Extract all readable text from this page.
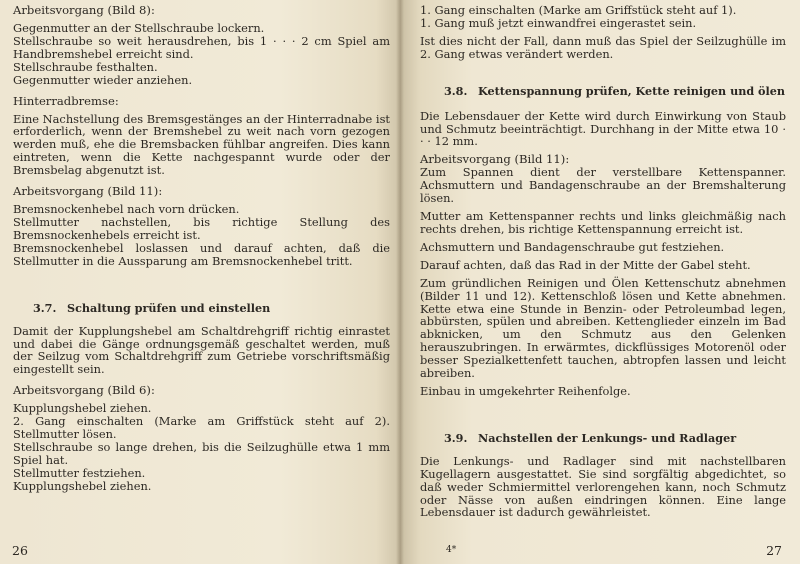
Arbeitsvorgang (Bild 8):

Gegenmutter an der Stellschraube lockern.

Stellschraube so weit herausdrehen, bis 1 · · · 2 cm Spiel am Handbremshebel erreicht sind.

Stellschraube festhalten.

Gegenmutter wieder anziehen.

Hinterradbremse:

Eine Nachstellung des Bremsgestänges an der Hinterradnabe ist erforderlich, wenn der Bremshebel zu weit nach vorn gezogen werden muß, ehe die Bremsbacken fühlbar angreifen. Dies kann eintreten, wenn die Kette nachgespannt wurde oder der Bremsbelag abgenutzt ist.

Arbeitsvorgang (Bild 11):

Bremsnockenhebel nach vorn drücken.

Stellmutter nachstellen, bis richtige Stellung des Bremsnockenhebels erreicht ist.

Bremsnockenhebel loslassen und darauf achten, daß die Stellmutter in die Aussparung am Bremsnockenhebel tritt.

3.7. Schaltung prüfen und einstellen

Damit der Kupplungshebel am Schaltdrehgriff richtig einrastet und dabei die Gänge ordnungsgemäß geschaltet werden, muß der Seilzug vom Schaltdrehgriff zum Getriebe vorschriftsmäßig eingestellt sein.

Arbeitsvorgang (Bild 6):

Kupplungshebel ziehen.

2. Gang einschalten (Marke am Griffstück steht auf 2). Stellmutter lösen.

Stellschraube so lange drehen, bis die Seilzughülle etwa 1 mm Spiel hat.

Stellmutter festziehen.

Kupplungshebel ziehen.

26

1. Gang einschalten (Marke am Griffstück steht auf 1).

1. Gang muß jetzt einwandfrei eingerastet sein.

Ist dies nicht der Fall, dann muß das Spiel der Seilzughülle im 2. Gang etwas verändert werden.

3.8. Kettenspannung prüfen, Kette reinigen und ölen

Die Lebensdauer der Kette wird durch Einwirkung von Staub und Schmutz beeinträchtigt. Durchhang in der Mitte etwa 10 · · · 12 mm.

Arbeitsvorgang (Bild 11):

Zum Spannen dient der verstellbare Kettenspanner. Achsmuttern und Bandagenschraube an der Bremshalterung lösen.

Mutter am Kettenspanner rechts und links gleichmäßig nach rechts drehen, bis richtige Kettenspannung erreicht ist.

Achsmuttern und Bandagenschraube gut festziehen.

Darauf achten, daß das Rad in der Mitte der Gabel steht.

Zum gründlichen Reinigen und Ölen Kettenschutz abnehmen (Bilder 11 und 12). Kettenschloß lösen und Kette abnehmen. Kette etwa eine Stunde in Benzin- oder Petroleumbad legen, abbürsten, spülen und abreiben. Kettenglieder einzeln im Bad abknicken, um den Schmutz aus den Gelenken herauszubringen. In erwärmtes, dickflüssiges Motorenöl oder besser Spezialkettenfett tauchen, abtropfen lassen und leicht abreiben.

Einbau in umgekehrter Reihenfolge.

3.9. Nachstellen der Lenkungs- und Radlager

Die Lenkungs- und Radlager sind mit nachstellbaren Kugellagern ausgestattet. Sie sind sorgfältig abgedichtet, so daß weder Schmiermittel verlorengehen kann, noch Schmutz oder Nässe von außen eindringen können. Eine lange Lebensdauer ist dadurch gewährleistet.

4*	27
